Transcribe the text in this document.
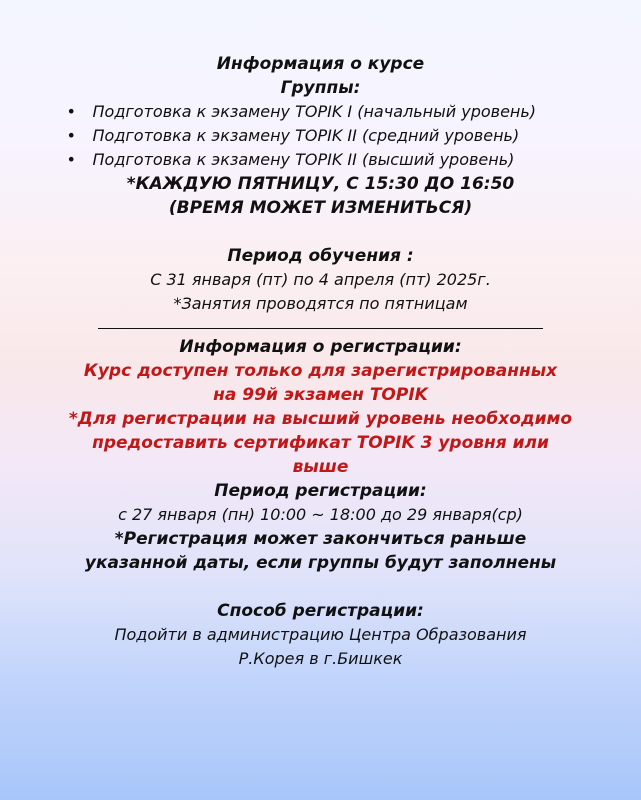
Информация о курсе

Группы:

• Подготовка к экзамену TOPIK I (начальный уровень)
• Подготовка к экзамену TOPIK II (средний уровень)
• Подготовка к экзамену TOPIK II (высший уровень)

*КАЖДУЮ ПЯТНИЦУ, С 15:30 ДО 16:50

(ВРЕМЯ МОЖЕТ ИЗМЕНИТЬСЯ)

Период обучения :

С 31 января (пт) по 4 апреля (пт) 2025г.

*Занятия проводятся по пятницам

Информация о регистрации:

Курс доступен только для зарегистрированных

на 99й экзамен TOPIK

*Для регистрации на высший уровень необходимо

предоставить сертификат TOPIK 3 уровня или

выше

Период регистрации:

с 27 января (пн) 10:00 ~ 18:00 до 29 января(ср)

*Регистрация может закончиться раньше

указанной даты, если группы будут заполнены

Способ регистрации:

Подойти в администрацию Центра Образования

Р.Корея в г.Бишкек
